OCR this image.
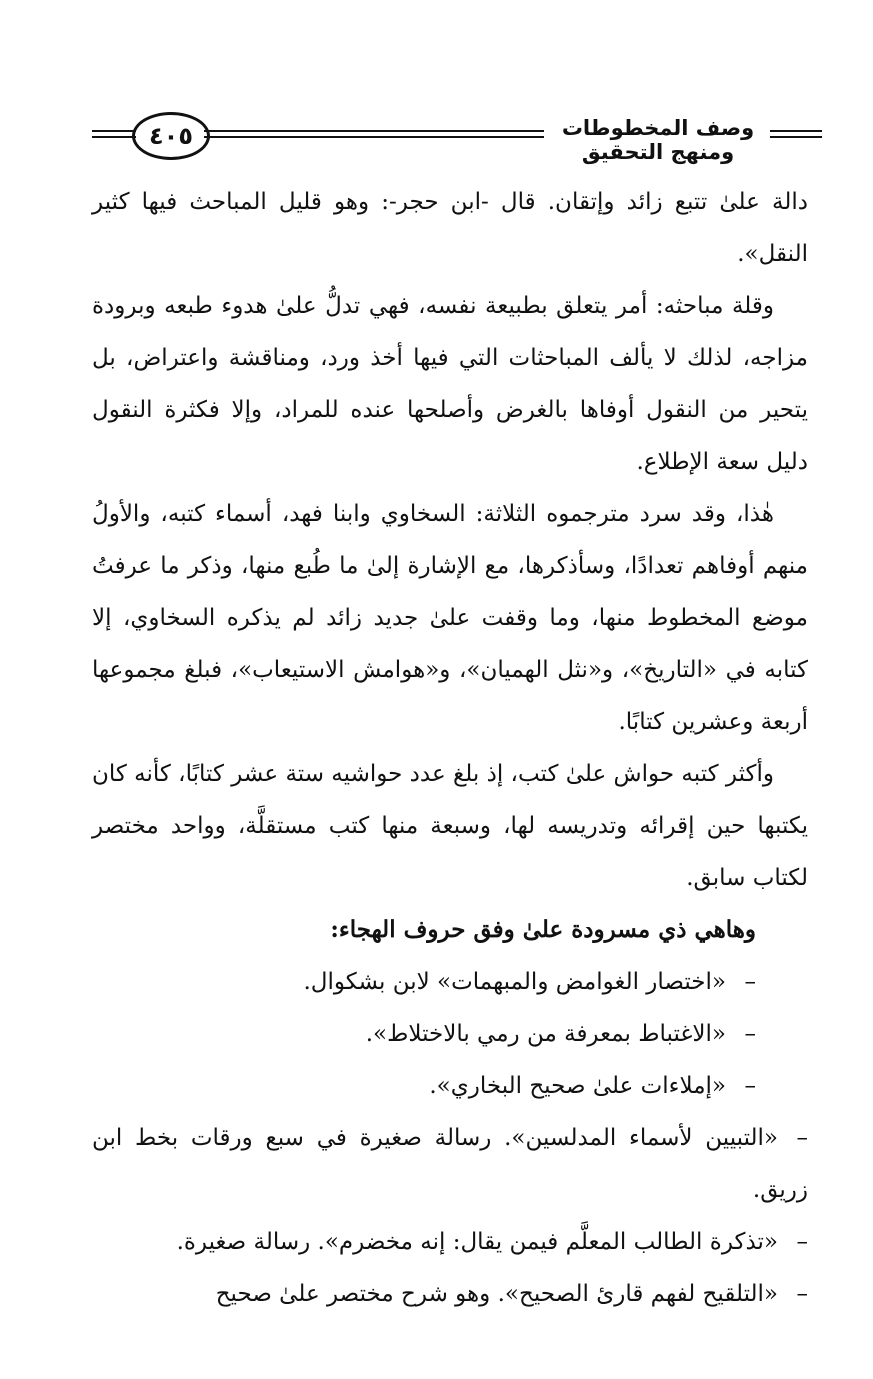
٤٠٥	وصف المخطوطات ومنهج التحقيق

دالة علىٰ تتبع زائد وإتقان. قال -ابن حجر-: وهو قليل المباحث فيها كثير النقل».

وقلة مباحثه: أمر يتعلق بطبيعة نفسه، فهي تدلُّ علىٰ هدوء طبعه وبرودة مزاجه، لذلك لا يألف المباحثات التي فيها أخذ ورد، ومناقشة واعتراض، بل يتحير من النقول أوفاها بالغرض وأصلحها عنده للمراد، وإلا فكثرة النقول دليل سعة الإطلاع.

هٰذا، وقد سرد مترجموه الثلاثة: السخاوي وابنا فهد، أسماء كتبه، والأولُ منهم أوفاهم تعدادًا، وسأذكرها، مع الإشارة إلىٰ ما طُبع منها، وذكر ما عرفتُ موضع المخطوط منها، وما وقفت علىٰ جديد زائد لم يذكره السخاوي، إلا كتابه في «التاريخ»، و«نثل الهميان»، و«هوامش الاستيعاب»، فبلغ مجموعها أربعة وعشرين كتابًا.

وأكثر كتبه حواش علىٰ كتب، إذ بلغ عدد حواشيه ستة عشر كتابًا، كأنه كان يكتبها حين إقرائه وتدريسه لها، وسبعة منها كتب مستقلَّة، وواحد مختصر لكتاب سابق.

وهاهي ذي مسرودة علىٰ وفق حروف الهجاء:

–«اختصار الغوامض والمبهمات» لابن بشكوال.

–«الاغتباط بمعرفة من رمي بالاختلاط».

–«إملاءات علىٰ صحيح البخاري».

–«التبيين لأسماء المدلسين». رسالة صغيرة في سبع ورقات بخط ابن زريق.

–«تذكرة الطالب المعلَّم فيمن يقال: إنه مخضرم». رسالة صغيرة.

–«التلقيح لفهم قارئ الصحيح». وهو شرح مختصر علىٰ صحيح
